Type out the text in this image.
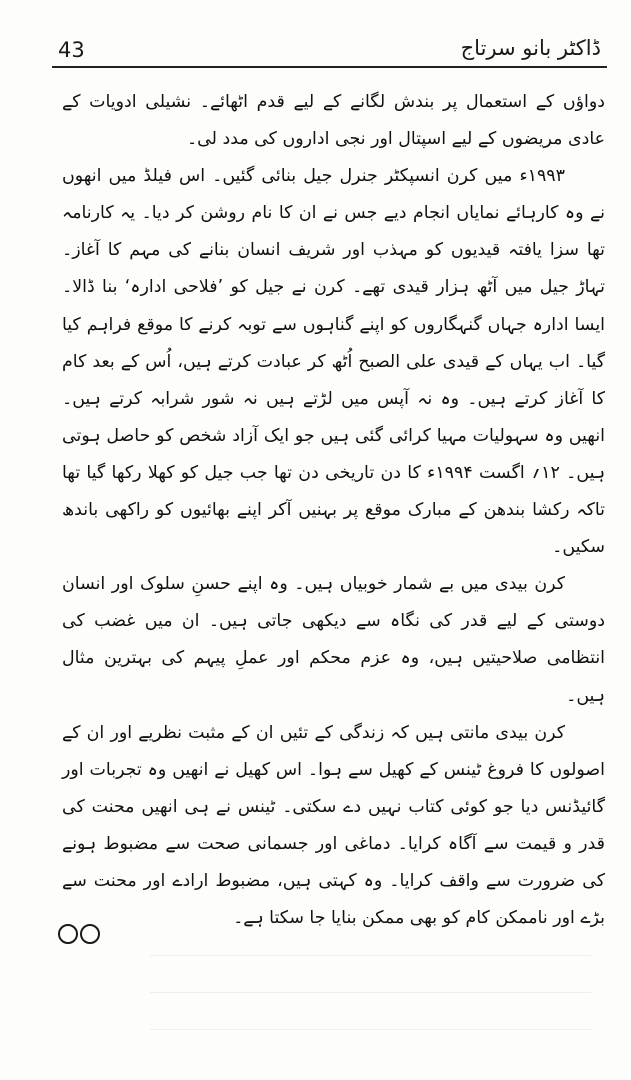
43	ڈاکٹر بانو سرتاج

دواؤں کے استعمال پر بندش لگانے کے لیے قدم اٹھائے۔ نشیلی ادویات کے عادی مریضوں کے لیے اسپتال اور نجی اداروں کی مدد لی۔

۱۹۹۳ء میں کرن انسپکٹر جنرل جیل بنائی گئیں۔ اس فیلڈ میں انھوں نے وہ کارہائے نمایاں انجام دیے جس نے ان کا نام روشن کر دیا۔ یہ کارنامہ تھا سزا یافتہ قیدیوں کو مہذب اور شریف انسان بنانے کی مہم کا آغاز۔ تہاڑ جیل میں آٹھ ہزار قیدی تھے۔ کرن نے جیل کو ’فلاحی ادارہ‘ بنا ڈالا۔ ایسا ادارہ جہاں گنہگاروں کو اپنے گناہوں سے توبہ کرنے کا موقع فراہم کیا گیا۔ اب یہاں کے قیدی علی الصبح اُٹھ کر عبادت کرتے ہیں، اُس کے بعد کام کا آغاز کرتے ہیں۔ وہ نہ آپس میں لڑتے ہیں نہ شور شرابہ کرتے ہیں۔ انھیں وہ سہولیات مہیا کرائی گئی ہیں جو ایک آزاد شخص کو حاصل ہوتی ہیں۔ ۱۲؍ اگست ۱۹۹۴ء کا دن تاریخی دن تھا جب جیل کو کھلا رکھا گیا تھا تاکہ رکشا بندھن کے مبارک موقع پر بہنیں آکر اپنے بھائیوں کو راکھی باندھ سکیں۔

کرن بیدی میں بے شمار خوبیاں ہیں۔ وہ اپنے حسنِ سلوک اور انسان دوستی کے لیے قدر کی نگاہ سے دیکھی جاتی ہیں۔ ان میں غضب کی انتظامی صلاحیتیں ہیں، وہ عزم محکم اور عملِ پیہم کی بہترین مثال ہیں۔

کرن بیدی مانتی ہیں کہ زندگی کے تئیں ان کے مثبت نظریے اور ان کے اصولوں کا فروغ ٹینس کے کھیل سے ہوا۔ اس کھیل نے انھیں وہ تجربات اور گائیڈنس دیا جو کوئی کتاب نہیں دے سکتی۔ ٹینس نے ہی انھیں محنت کی قدر و قیمت سے آگاہ کرایا۔ دماغی اور جسمانی صحت سے مضبوط ہونے کی ضرورت سے واقف کرایا۔ وہ کہتی ہیں، مضبوط ارادے اور محنت سے بڑے اور ناممکن کام کو بھی ممکن بنایا جا سکتا ہے۔
